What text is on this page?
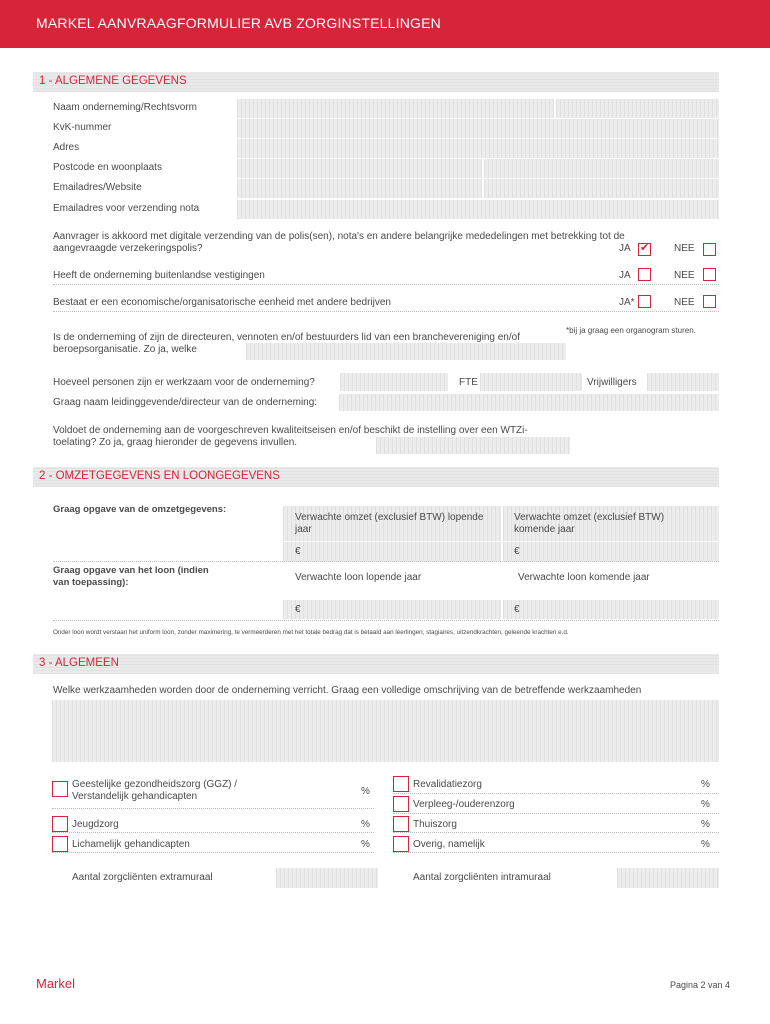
MARKEL AANVRAAGFORMULIER AVB ZORGINSTELLINGEN
1 - ALGEMENE GEGEVENS
Naam onderneming/Rechtsvorm
KvK-nummer
Adres
Postcode en woonplaats
Emailadres/Website
Emailadres voor verzending nota
Aanvrager is akkoord met digitale verzending van de polis(sen), nota's en andere belangrijke mededelingen met betrekking tot de aangevraagde verzekeringspolis?	JA ✔ NEE
Heeft de onderneming buitenlandse vestigingen	JA	NEE
Bestaat er een economische/organisatorische eenheid met andere bedrijven	JA*	NEE
*bij ja graag een organogram sturen.
Is de onderneming of zijn de directeuren, vennoten en/of bestuurders lid van een branchevereniging en/of beroepsorganisatie. Zo ja, welke
Hoeveel personen zijn er werkzaam voor de onderneming?	FTE	Vrijwilligers
Graag naam leidinggevende/directeur van de onderneming:
Voldoet de onderneming aan de voorgeschreven kwaliteitseisen en/of beschikt de instelling over een WTZi-toelating? Zo ja, graag hieronder de gegevens invullen.
2 - OMZETGEGEVENS EN LOONGEGEVENS
Graag opgave van de omzetgegevens:
Verwachte omzet (exclusief BTW) lopende jaar
Verwachte omzet (exclusief BTW) komende jaar
€	€
Graag opgave van het loon (indien van toepassing):	Verwachte loon lopende jaar	Verwachte loon komende jaar
€	€
Onder loon wordt verstaan het uniform loon, zonder maximering, te vermeerderen met het totale bedrag dat is betaald aan leerlingen, stagiaires, uitzendkrachten, geleende krachten e.d.
3 - ALGEMEEN
Welke werkzaamheden worden door de onderneming verricht. Graag een volledige omschrijving van de betreffende werkzaamheden
Geestelijke gezondheidszorg (GGZ) / Verstandelijk gehandicapten	%
Jeugdzorg	%
Lichamelijk gehandicapten	%
Revalidatiezorg	%
Verpleeg-/ouderenzorg	%
Thuiszorg	%
Overig, namelijk	%
Aantal zorgcliënten extramuraal	Aantal zorgcliënten intramuraal
Markel	Pagina 2 van 4
